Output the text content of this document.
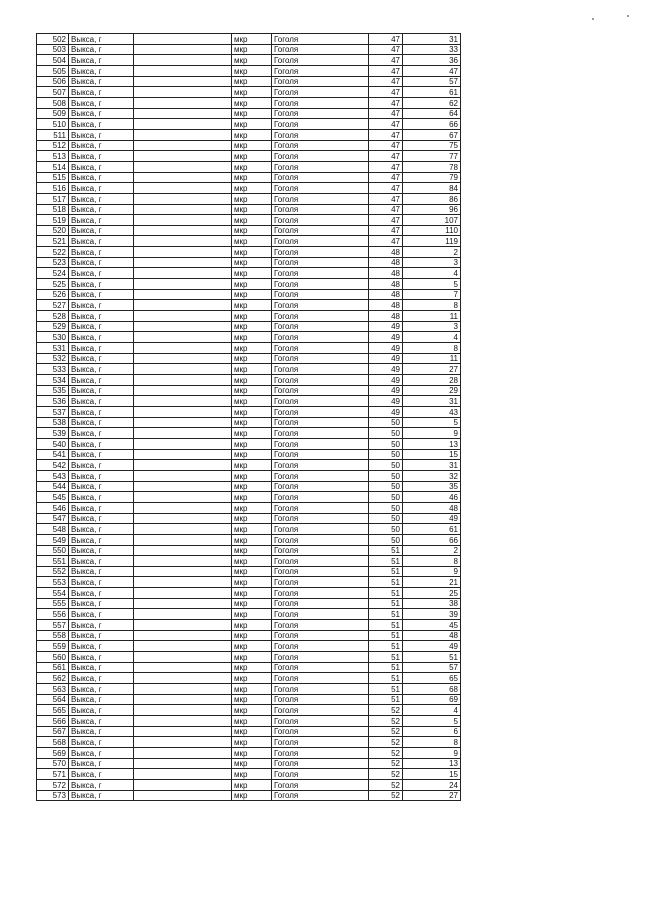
502	Выкса, г		мкр	Гоголя	47	31
503	Выкса, г		мкр	Гоголя	47	33
504	Выкса, г		мкр	Гоголя	47	36
505	Выкса, г		мкр	Гоголя	47	47
506	Выкса, г		мкр	Гоголя	47	57
507	Выкса, г		мкр	Гоголя	47	61
508	Выкса, г		мкр	Гоголя	47	62
509	Выкса, г		мкр	Гоголя	47	64
510	Выкса, г		мкр	Гоголя	47	66
511	Выкса, г		мкр	Гоголя	47	67
512	Выкса, г		мкр	Гоголя	47	75
513	Выкса, г		мкр	Гоголя	47	77
514	Выкса, г		мкр	Гоголя	47	78
515	Выкса, г		мкр	Гоголя	47	79
516	Выкса, г		мкр	Гоголя	47	84
517	Выкса, г		мкр	Гоголя	47	86
518	Выкса, г		мкр	Гоголя	47	96
519	Выкса, г		мкр	Гоголя	47	107
520	Выкса, г		мкр	Гоголя	47	110
521	Выкса, г		мкр	Гоголя	47	119
522	Выкса, г		мкр	Гоголя	48	2
523	Выкса, г		мкр	Гоголя	48	3
524	Выкса, г		мкр	Гоголя	48	4
525	Выкса, г		мкр	Гоголя	48	5
526	Выкса, г		мкр	Гоголя	48	7
527	Выкса, г		мкр	Гоголя	48	8
528	Выкса, г		мкр	Гоголя	48	11
529	Выкса, г		мкр	Гоголя	49	3
530	Выкса, г		мкр	Гоголя	49	4
531	Выкса, г		мкр	Гоголя	49	8
532	Выкса, г		мкр	Гоголя	49	11
533	Выкса, г		мкр	Гоголя	49	27
534	Выкса, г		мкр	Гоголя	49	28
535	Выкса, г		мкр	Гоголя	49	29
536	Выкса, г		мкр	Гоголя	49	31
537	Выкса, г		мкр	Гоголя	49	43
538	Выкса, г		мкр	Гоголя	50	5
539	Выкса, г		мкр	Гоголя	50	9
540	Выкса, г		мкр	Гоголя	50	13
541	Выкса, г		мкр	Гоголя	50	15
542	Выкса, г		мкр	Гоголя	50	31
543	Выкса, г		мкр	Гоголя	50	32
544	Выкса, г		мкр	Гоголя	50	35
545	Выкса, г		мкр	Гоголя	50	46
546	Выкса, г		мкр	Гоголя	50	48
547	Выкса, г		мкр	Гоголя	50	49
548	Выкса, г		мкр	Гоголя	50	61
549	Выкса, г		мкр	Гоголя	50	66
550	Выкса, г		мкр	Гоголя	51	2
551	Выкса, г		мкр	Гоголя	51	8
552	Выкса, г		мкр	Гоголя	51	9
553	Выкса, г		мкр	Гоголя	51	21
554	Выкса, г		мкр	Гоголя	51	25
555	Выкса, г		мкр	Гоголя	51	38
556	Выкса, г		мкр	Гоголя	51	39
557	Выкса, г		мкр	Гоголя	51	45
558	Выкса, г		мкр	Гоголя	51	48
559	Выкса, г		мкр	Гоголя	51	49
560	Выкса, г		мкр	Гоголя	51	51
561	Выкса, г		мкр	Гоголя	51	57
562	Выкса, г		мкр	Гоголя	51	65
563	Выкса, г		мкр	Гоголя	51	68
564	Выкса, г		мкр	Гоголя	51	69
565	Выкса, г		мкр	Гоголя	52	4
566	Выкса, г		мкр	Гоголя	52	5
567	Выкса, г		мкр	Гоголя	52	6
568	Выкса, г		мкр	Гоголя	52	8
569	Выкса, г		мкр	Гоголя	52	9
570	Выкса, г		мкр	Гоголя	52	13
571	Выкса, г		мкр	Гоголя	52	15
572	Выкса, г		мкр	Гоголя	52	24
573	Выкса, г		мкр	Гоголя	52	27
